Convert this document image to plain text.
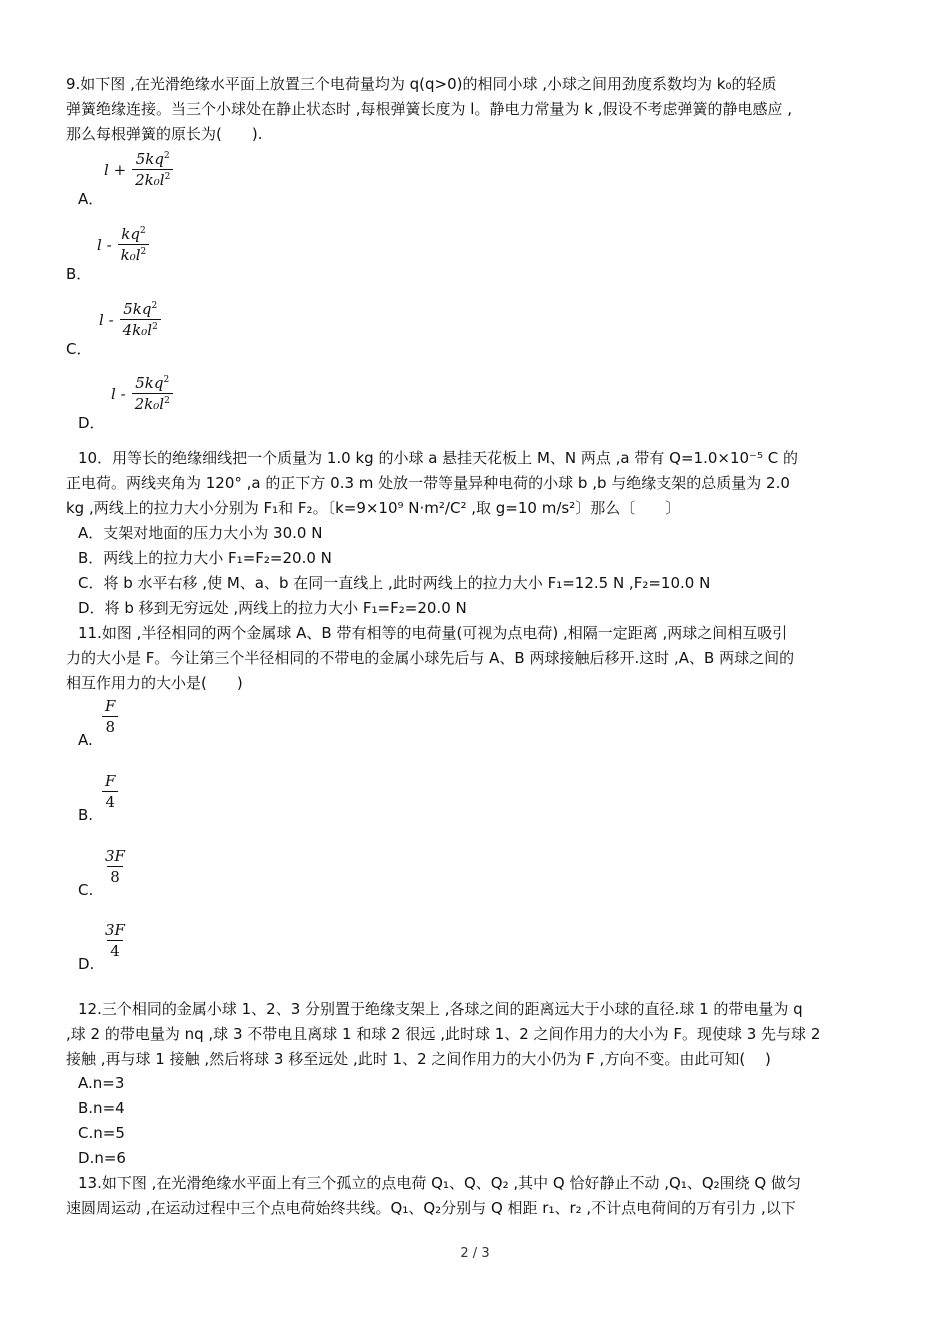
9.如下图 ,在光滑绝缘水平面上放置三个电荷量均为 q(q>0)的相同小球 ,小球之间用劲度系数均为 k₀的轻质
弹簧绝缘连接。当三个小球处在静止状态时 ,每根弹簧长度为 l。静电力常量为 k ,假设不考虑弹簧的静电感应 ,
那么每根弹簧的原长为(　　).
A．
$l + \frac{5kq^2}{2k_0l^2}$
B．
l - $\frac{kq^2}{k_0l^2}$
C．
l - $\frac{5kq^2}{4k_0l^2}$
D．
l - $\frac{5kq^2}{2k_0l^2}$
10．用等长的绝缘细线把一个质量为 1.0 kg 的小球 a 悬挂天花板上 M、N 两点 ,a 带有 Q=1.0×10⁻⁵ C 的
正电荷。两线夹角为 120° ,a 的正下方 0.3 m 处放一带等量异种电荷的小球 b ,b 与绝缘支架的总质量为 2.0
kg ,两线上的拉力大小分别为 F₁和 F₂。〔k=9×10⁹ N·m²/C² ,取 g=10 m/s²〕那么〔　　〕
A．支架对地面的压力大小为 30.0 N
B．两线上的拉力大小 F₁=F₂=20.0 N
C．将 b 水平右移 ,使 M、a、b 在同一直线上 ,此时两线上的拉力大小 F₁=12.5 N ,F₂=10.0 N
D．将 b 移到无穷远处 ,两线上的拉力大小 F₁=F₂=20.0 N
11.如图 ,半径相同的两个金属球 A、B 带有相等的电荷量(可视为点电荷) ,相隔一定距离 ,两球之间相互吸引
力的大小是 F。今让第三个半径相同的不带电的金属小球先后与 A、B 两球接触后移开.这时 ,A、B 两球之间的
相互作用力的大小是(　　)
A.
$\frac{F}{8}$
B.
$\frac{F}{4}$
C.
$\frac{3F}{8}$
D.
$\frac{3F}{4}$
12.三个相同的金属小球 1、2、3 分别置于绝缘支架上 ,各球之间的距离远大于小球的直径.球 1 的带电量为 q
,球 2 的带电量为 nq ,球 3 不带电且离球 1 和球 2 很远 ,此时球 1、2 之间作用力的大小为 F。现使球 3 先与球 2
接触 ,再与球 1 接触 ,然后将球 3 移至远处 ,此时 1、2 之间作用力的大小仍为 F ,方向不变。由此可知(　 )
A.n=3
B.n=4
C.n=5
D.n=6
13.如下图 ,在光滑绝缘水平面上有三个孤立的点电荷 Q₁、Q、Q₂ ,其中 Q 恰好静止不动 ,Q₁、Q₂围绕 Q 做匀
速圆周运动 ,在运动过程中三个点电荷始终共线。Q₁、Q₂分别与 Q 相距 r₁、r₂ ,不计点电荷间的万有引力 ,以下
2 / 3
